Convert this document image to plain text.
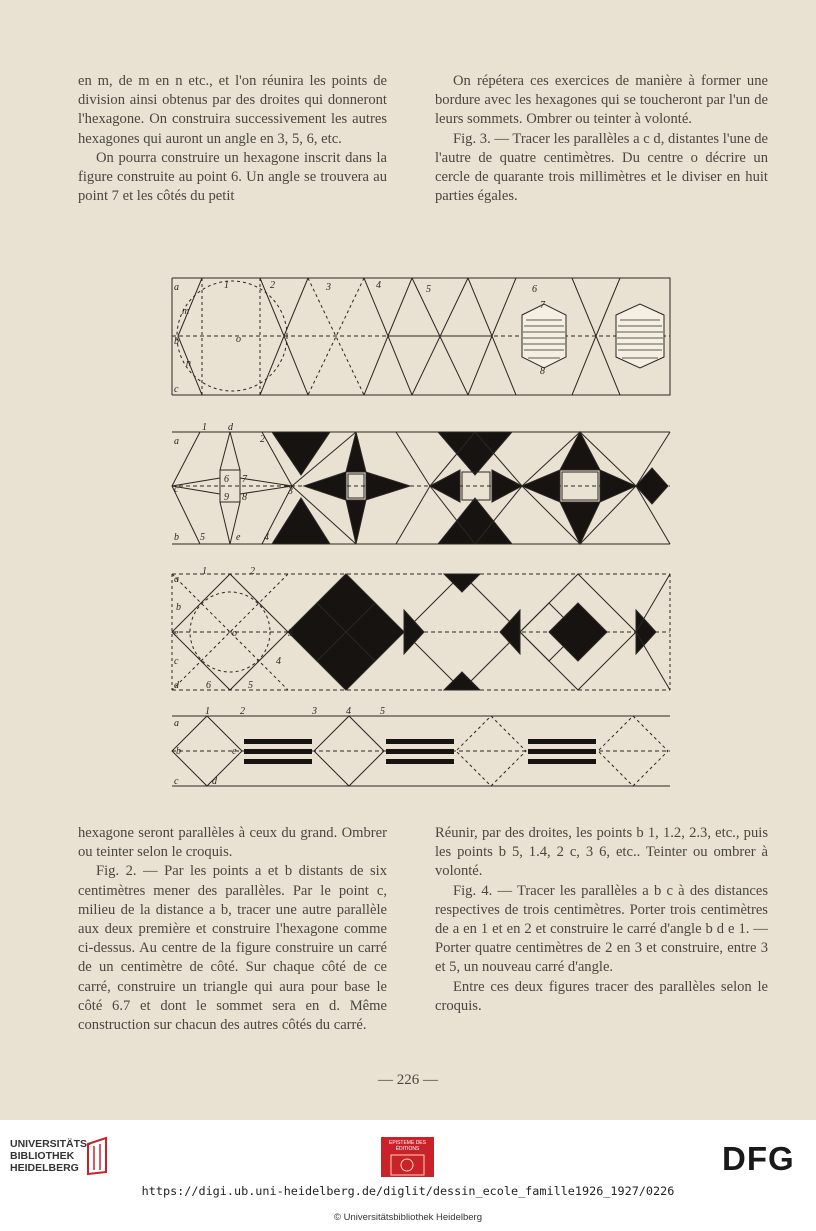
en m, de m en n etc., et l'on réunira les points de division ainsi obtenus par des droites qui donneront l'hexagone. On construira successivement les autres hexagones qui auront un angle en 3, 5, 6, etc.

On pourra construire un hexagone inscrit dans la figure construite au point 6. Un angle se trouvera au point 7 et les côtés du petit

On répétera ces exercices de manière à former une bordure avec les hexagones qui se toucheront par l'un de leurs sommets. Ombrer ou teinter à volonté.

Fig. 3. — Tracer les parallèles a c d, distantes l'une de l'autre de quatre centimètres. Du centre o décrire un cercle de quarante trois millimètres et le diviser en huit parties égales.

a	1	2	3	4	5	6
m
o
b
n
c
7
8
1 d
a
c
6 7
9 8
b 5	e 4
3
2
1	2
b
e	o
a
6	5
d
4
3
c
a
1	2	3	4	5
b	e
c	d

hexagone seront parallèles à ceux du grand. Ombrer ou teinter selon le croquis.

Fig. 2. — Par les points a et b distants de six centimètres mener des parallèles. Par le point c, milieu de la distance a b, tracer une autre parallèle aux deux première et construire l'hexagone comme ci-dessus. Au centre de la figure construire un carré de un centimètre de côté. Sur chaque côté de ce carré, construire un triangle qui aura pour base le côté 6.7 et dont le sommet sera en d. Même construction sur chacun des autres côtés du carré.

Réunir, par des droites, les points b 1, 1.2, 2.3, etc., puis les points b 5, 1.4, 2 c, 3 6, etc.. Teinter ou ombrer à volonté.

Fig. 4. — Tracer les parallèles a b c à des distances respectives de trois centimètres. Porter trois centimètres de a en 1 et en 2 et construire le carré d'angle b d e 1. — Porter quatre centimètres de 2 en 3 et construire, entre 3 et 5, un nouveau carré d'angle.

Entre ces deux figures tracer des parallèles selon le croquis.

— 226 —
UNIVERSITÄTS-
BIBLIOTHEK
HEIDELBERG
EPISTEME DES ÉDITIONS	DFG
https://digi.ub.uni-heidelberg.de/diglit/dessin_ecole_famille1926_1927/0226
© Universitätsbibliothek Heidelberg
